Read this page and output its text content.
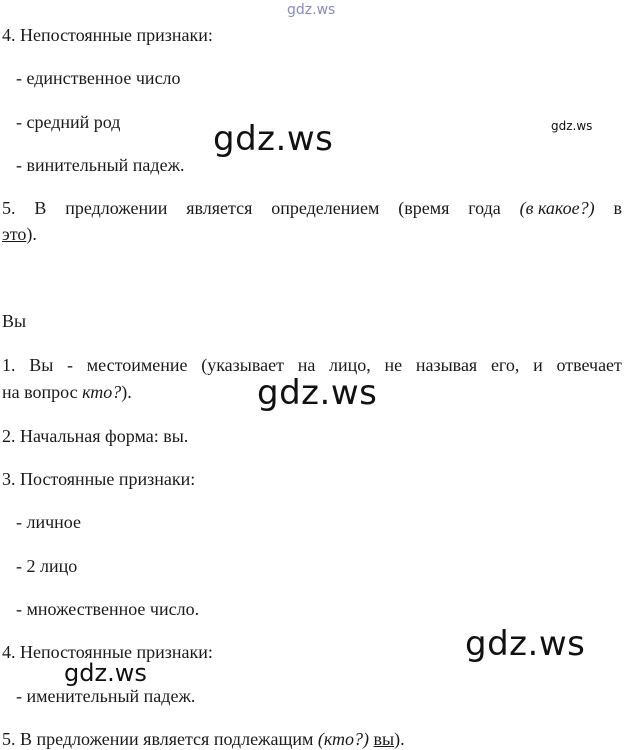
gdz.ws
gdz.ws
gdz.ws
gdz.ws
gdz.ws
gdz.ws
4. Непостоянные признаки:
- единственное число
- средний род
- винительный падеж.
5. В предложении является определением (время года (в какое?) в
это).
Вы
1. Вы - местоимение (указывает на лицо, не называя его, и отвечает
на вопрос кто?).
2. Начальная форма: вы.
3. Постоянные признаки:
- личное
- 2 лицо
- множественное число.
4. Непостоянные признаки:
- именительный падеж.
5. В предложении является подлежащим (кто?) вы).
